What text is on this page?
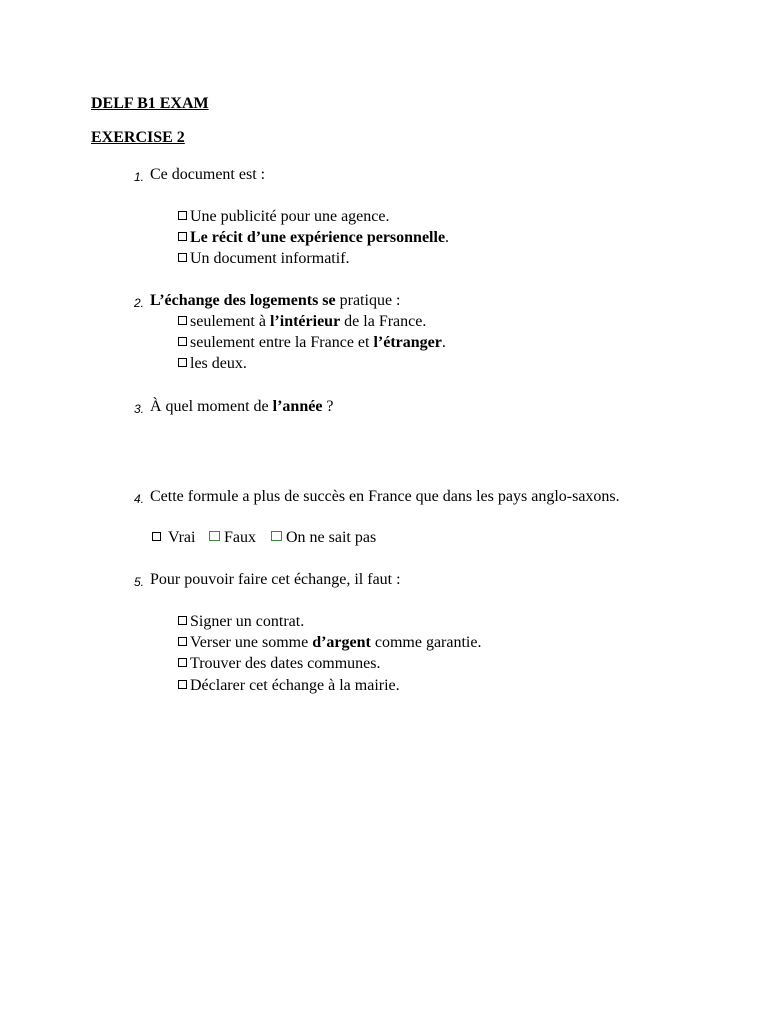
DELF B1 EXAM
EXERCISE 2
1. Ce document est :
Une publicité pour une agence.
Le récit d’une expérience personnelle.
Un document informatif.
2. L’échange des logements se pratique :
seulement à l’intérieur de la France.
seulement entre la France et l’étranger.
les deux.
3. À quel moment de l’année ?
4. Cette formule a plus de succès en France que dans les pays anglo-saxons.
Vrai	Faux	On ne sait pas
5. Pour pouvoir faire cet échange, il faut :
Signer un contrat.
Verser une somme d’argent comme garantie.
Trouver des dates communes.
Déclarer cet échange à la mairie.
